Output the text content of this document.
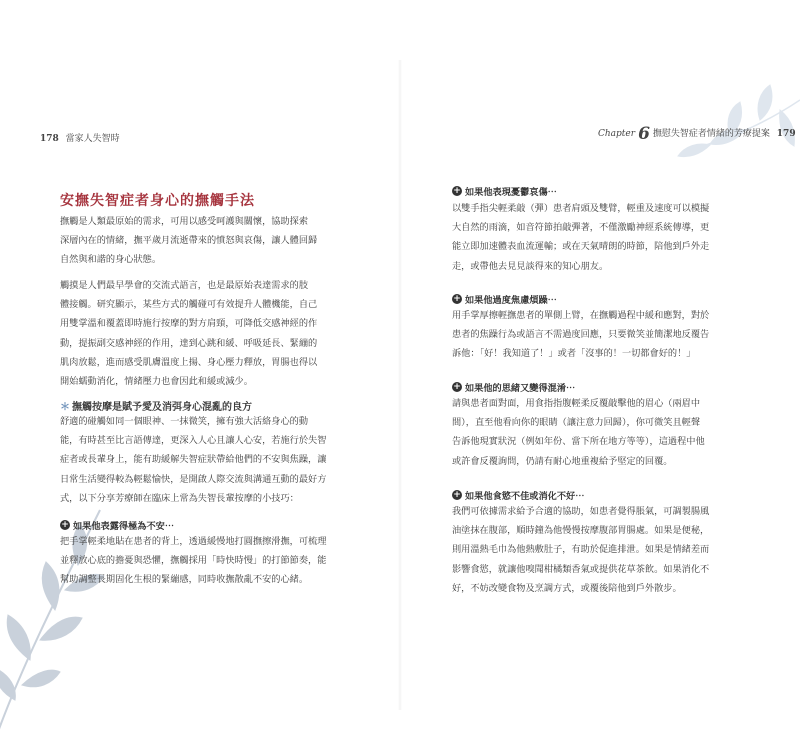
178 當家人失智時
安撫失智症者身心的撫觸手法
撫觸是人類最原始的需求，可用以感受呵護與關懷，協助探索
深層內在的情緒，撫平歲月流逝帶來的憤怒與哀傷，讓人體回歸
自然與和諧的身心狀態。
觸摸是人們最早學會的交流式語言，也是最原始表達需求的肢
體接觸。研究顯示，某些方式的觸碰可有效提升人體機能，自己
用雙掌溫和覆蓋即時施行按摩的對方肩頸，可降低交感神經的作
動，提振副交感神經的作用，達到心跳和緩、呼吸延長、緊繃的
肌肉放鬆，進而感受肌膚溫度上揚、身心壓力釋放，胃腸也得以
開始蠕動消化，情緒壓力也會因此和緩或減少。
＊ 撫觸按摩是賦予愛及消弭身心混亂的良方
舒適的碰觸如同一個眼神、一抹微笑，擁有強大活絡身心的動
能，有時甚至比言語傳達，更深入人心且讓人心安，若施行於失智
症者或長輩身上，能有助緩解失智症狀帶給他們的不安與焦躁，讓
日常生活變得較為輕鬆愉快，是開啟人際交流與溝通互動的最好方
式，以下分享芳療師在臨床上常為失智長輩按摩的小技巧：
+ 如果他表露得極為不安⋯
把手掌輕柔地貼在患者的背上，透過緩慢地打圓撫擦滑撫，可梳理
並釋放心底的擔憂與恐懼，撫觸採用「時快時慢」的打節節奏，能
幫助調整長期固化生根的緊繃感，同時收撫散亂不安的心緒。
Chapter 6 撫慰失智症者情緒的芳療提案 179
+ 如果他表現憂鬱哀傷⋯
以雙手指尖輕柔敲（彈）患者肩頭及雙臂，輕重及速度可以模擬
大自然的雨滴，如音符節拍敲彈著，不僅激勵神經系統傳導，更
能立即加速體表血流運輸；或在天氣晴朗的時節，陪他到戶外走
走，或帶他去見見談得來的知心朋友。
+ 如果他過度焦慮煩躁⋯
用手掌厚擦輕撫患者的單側上臂，在撫觸過程中緩和應對，對於
患者的焦躁行為或語言不需過度回應，只要微笑並簡潔地反覆告
訴他：「好！我知道了！」或者「沒事的！一切都會好的！」
+ 如果他的思緒又變得混淆⋯
請與患者面對面，用食指指腹輕柔反覆敲擊他的眉心（兩眉中
間），直至他看向你的眼睛（讓注意力回歸），你可微笑且輕聲
告訴他現實狀況（例如年份、當下所在地方等等），這過程中他
或許會反覆詢問，仍請有耐心地重複給予堅定的回覆。
+ 如果他食慾不佳或消化不好⋯
我們可依據需求給予合適的協助，如患者覺得脹氣，可調製腸風
油塗抹在腹部，順時鐘為他慢慢按摩腹部胃腸處。如果是便秘，
則用溫熱毛巾為他熱敷肚子，有助於促進排泄。如果是情緒差而
影響食慾，就讓他嗅聞柑橘類香氣或提供花草茶飲。如果消化不
好，不妨改變食物及烹調方式，或覆後陪他到戶外散步。
